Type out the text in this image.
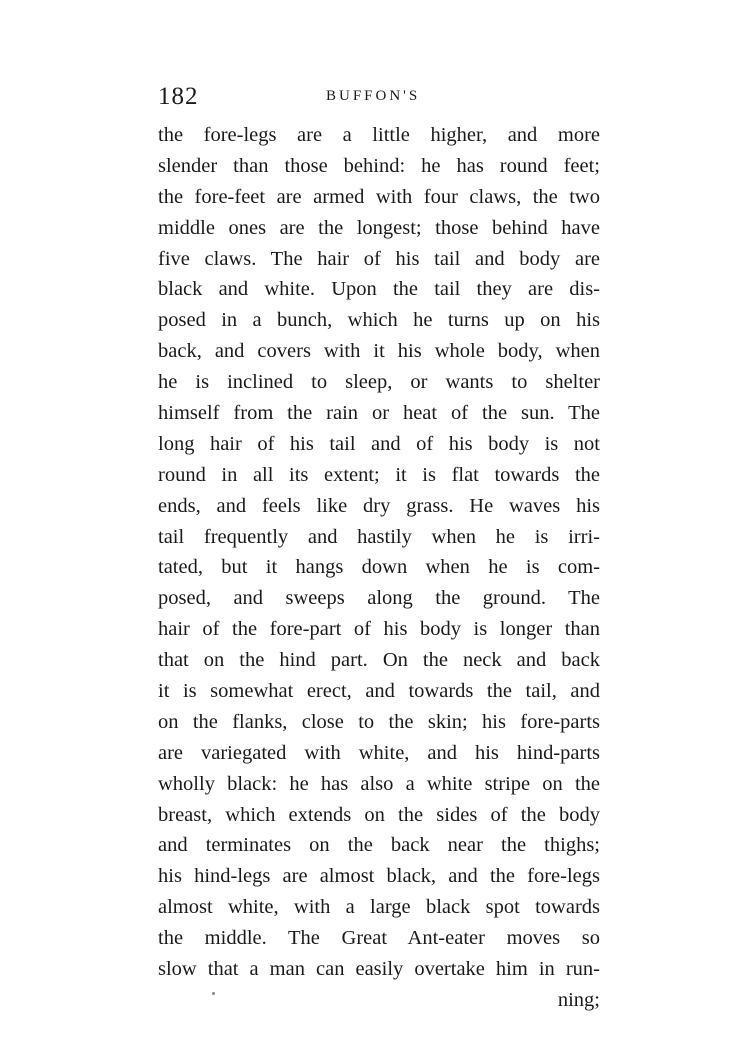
182	BUFFON'S
the fore-legs are a little higher, and more
slender than those behind: he has round feet;
the fore-feet are armed with four claws, the two
middle ones are the longest; those behind have
five claws. The hair of his tail and body are
black and white. Upon the tail they are dis-
posed in a bunch, which he turns up on his
back, and covers with it his whole body, when
he is inclined to sleep, or wants to shelter
himself from the rain or heat of the sun. The
long hair of his tail and of his body is not
round in all its extent; it is flat towards the
ends, and feels like dry grass. He waves his
tail frequently and hastily when he is irri-
tated, but it hangs down when he is com-
posed, and sweeps along the ground. The
hair of the fore-part of his body is longer than
that on the hind part. On the neck and back
it is somewhat erect, and towards the tail, and
on the flanks, close to the skin; his fore-parts
are variegated with white, and his hind-parts
wholly black: he has also a white stripe on the
breast, which extends on the sides of the body
and terminates on the back near the thighs;
his hind-legs are almost black, and the fore-legs
almost white, with a large black spot towards
the middle. The Great Ant-eater moves so
slow that a man can easily overtake him in run-
ning;
